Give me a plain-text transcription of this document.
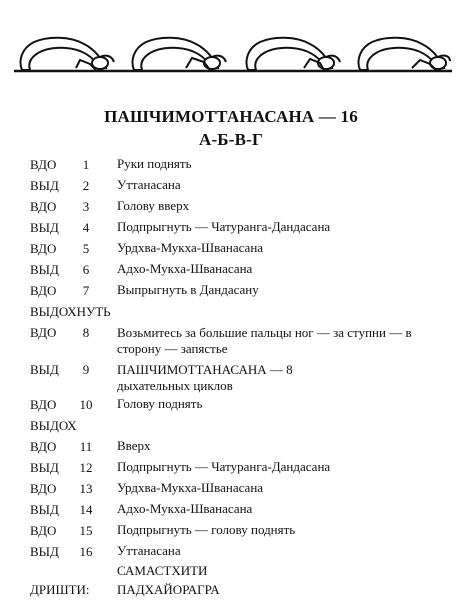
ПАШЧИМОТТАНАСАНА — 16
А-Б-В-Г
ВДО	1	Руки поднять
ВЫД	2	Уттанасана
ВДО	3	Голову вверх
ВЫД	4	Подпрыгнуть — Чатуранга-Дандасана
ВДО	5	Урдхва-Мукха-Шванасана
ВЫД	6	Адхо-Мукха-Шванасана
ВДО	7	Выпрыгнуть в Дандасану
ВЫДОХНУТЬ
ВДО	8	Возьмитесь за большие пальцы ног — за ступни — в сторону — запястье
ВЫД	9	ПАШЧИМОТТАНАСАНА — 8 дыхательных циклов
ВДО 10 Голову поднять
ВЫДОХ
ВДО 11 Вверх
ВЫД 12 Подпрыгнуть — Чатуранга-Дандасана
ВДО 13 Урдхва-Мукха-Шванасана
ВЫД 14 Адхо-Мукха-Шванасана
ВДО 15 Подпрыгнуть — голову поднять
ВЫД 16 Уттанасана
САМАСТХИТИ
ДРИШТИ: ПАДХАЙОРАГРА
